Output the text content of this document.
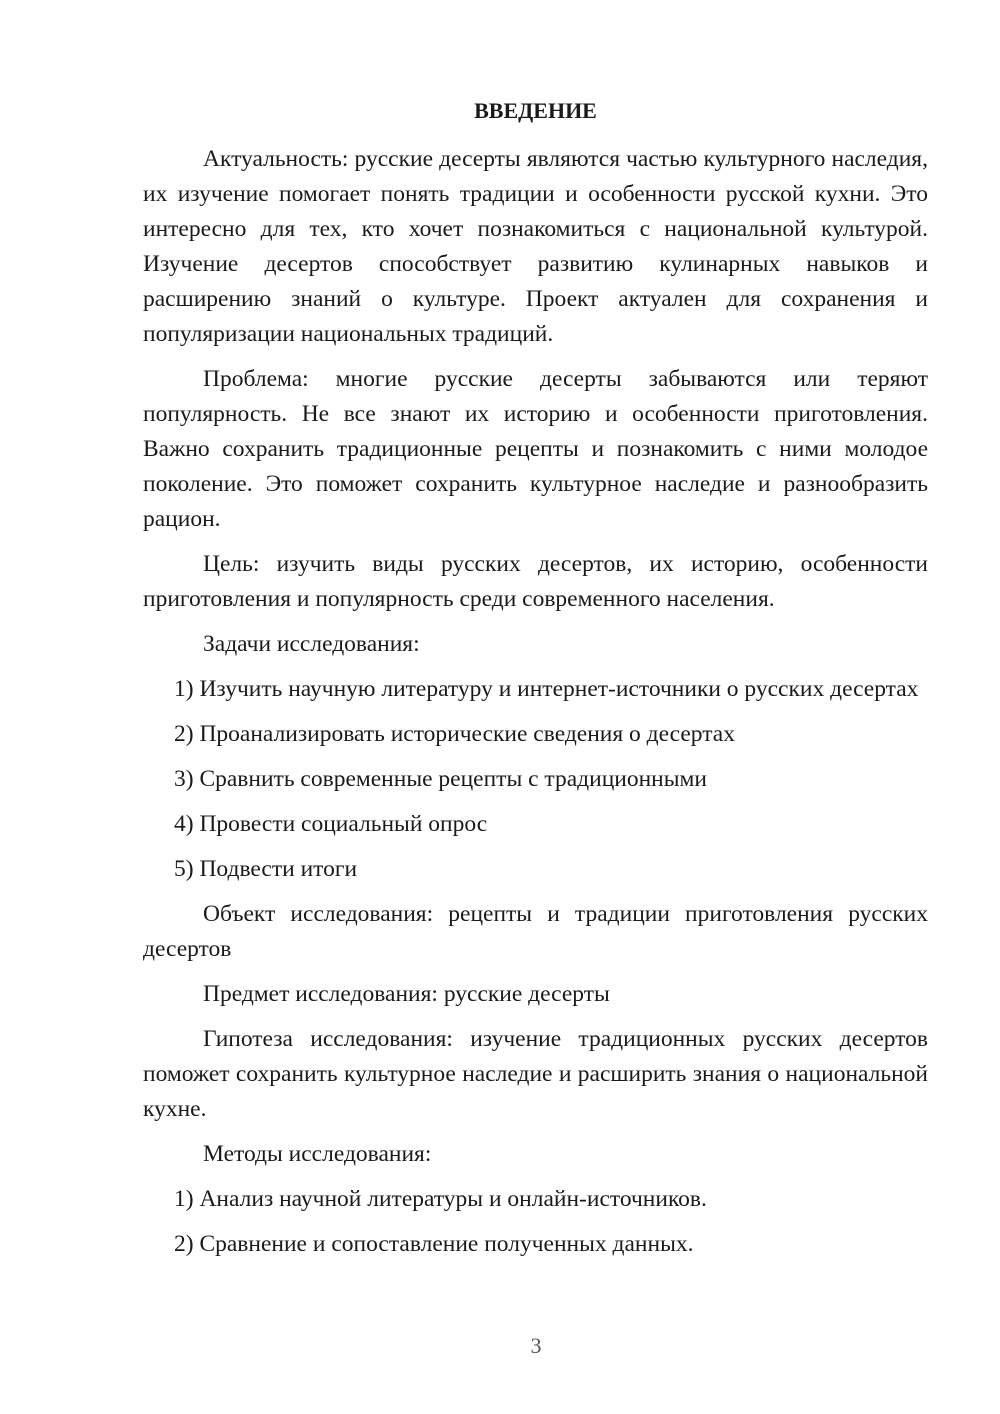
ВВЕДЕНИЕ

Актуальность: русские десерты являются частью культурного наследия, их изучение помогает понять традиции и особенности русской кухни. Это интересно для тех, кто хочет познакомиться с национальной культурой. Изучение десертов способствует развитию кулинарных навыков и расширению знаний о культуре. Проект актуален для сохранения и популяризации национальных традиций.

Проблема: многие русские десерты забываются или теряют популярность. Не все знают их историю и особенности приготовления. Важно сохранить традиционные рецепты и познакомить с ними молодое поколение. Это поможет сохранить культурное наследие и разнообразить рацион.

Цель: изучить виды русских десертов, их историю, особенности приготовления и популярность среди современного населения.

Задачи исследования:

1) Изучить научную литературу и интернет-источники о русских десертах

2) Проанализировать исторические сведения о десертах

3) Сравнить современные рецепты с традиционными

4) Провести социальный опрос

5) Подвести итоги

Объект исследования: рецепты и традиции приготовления русских десертов

Предмет исследования: русские десерты

Гипотеза исследования: изучение традиционных русских десертов поможет сохранить культурное наследие и расширить знания о национальной кухне.

Методы исследования:

1) Анализ научной литературы и онлайн-источников.

2) Сравнение и сопоставление полученных данных.

3
